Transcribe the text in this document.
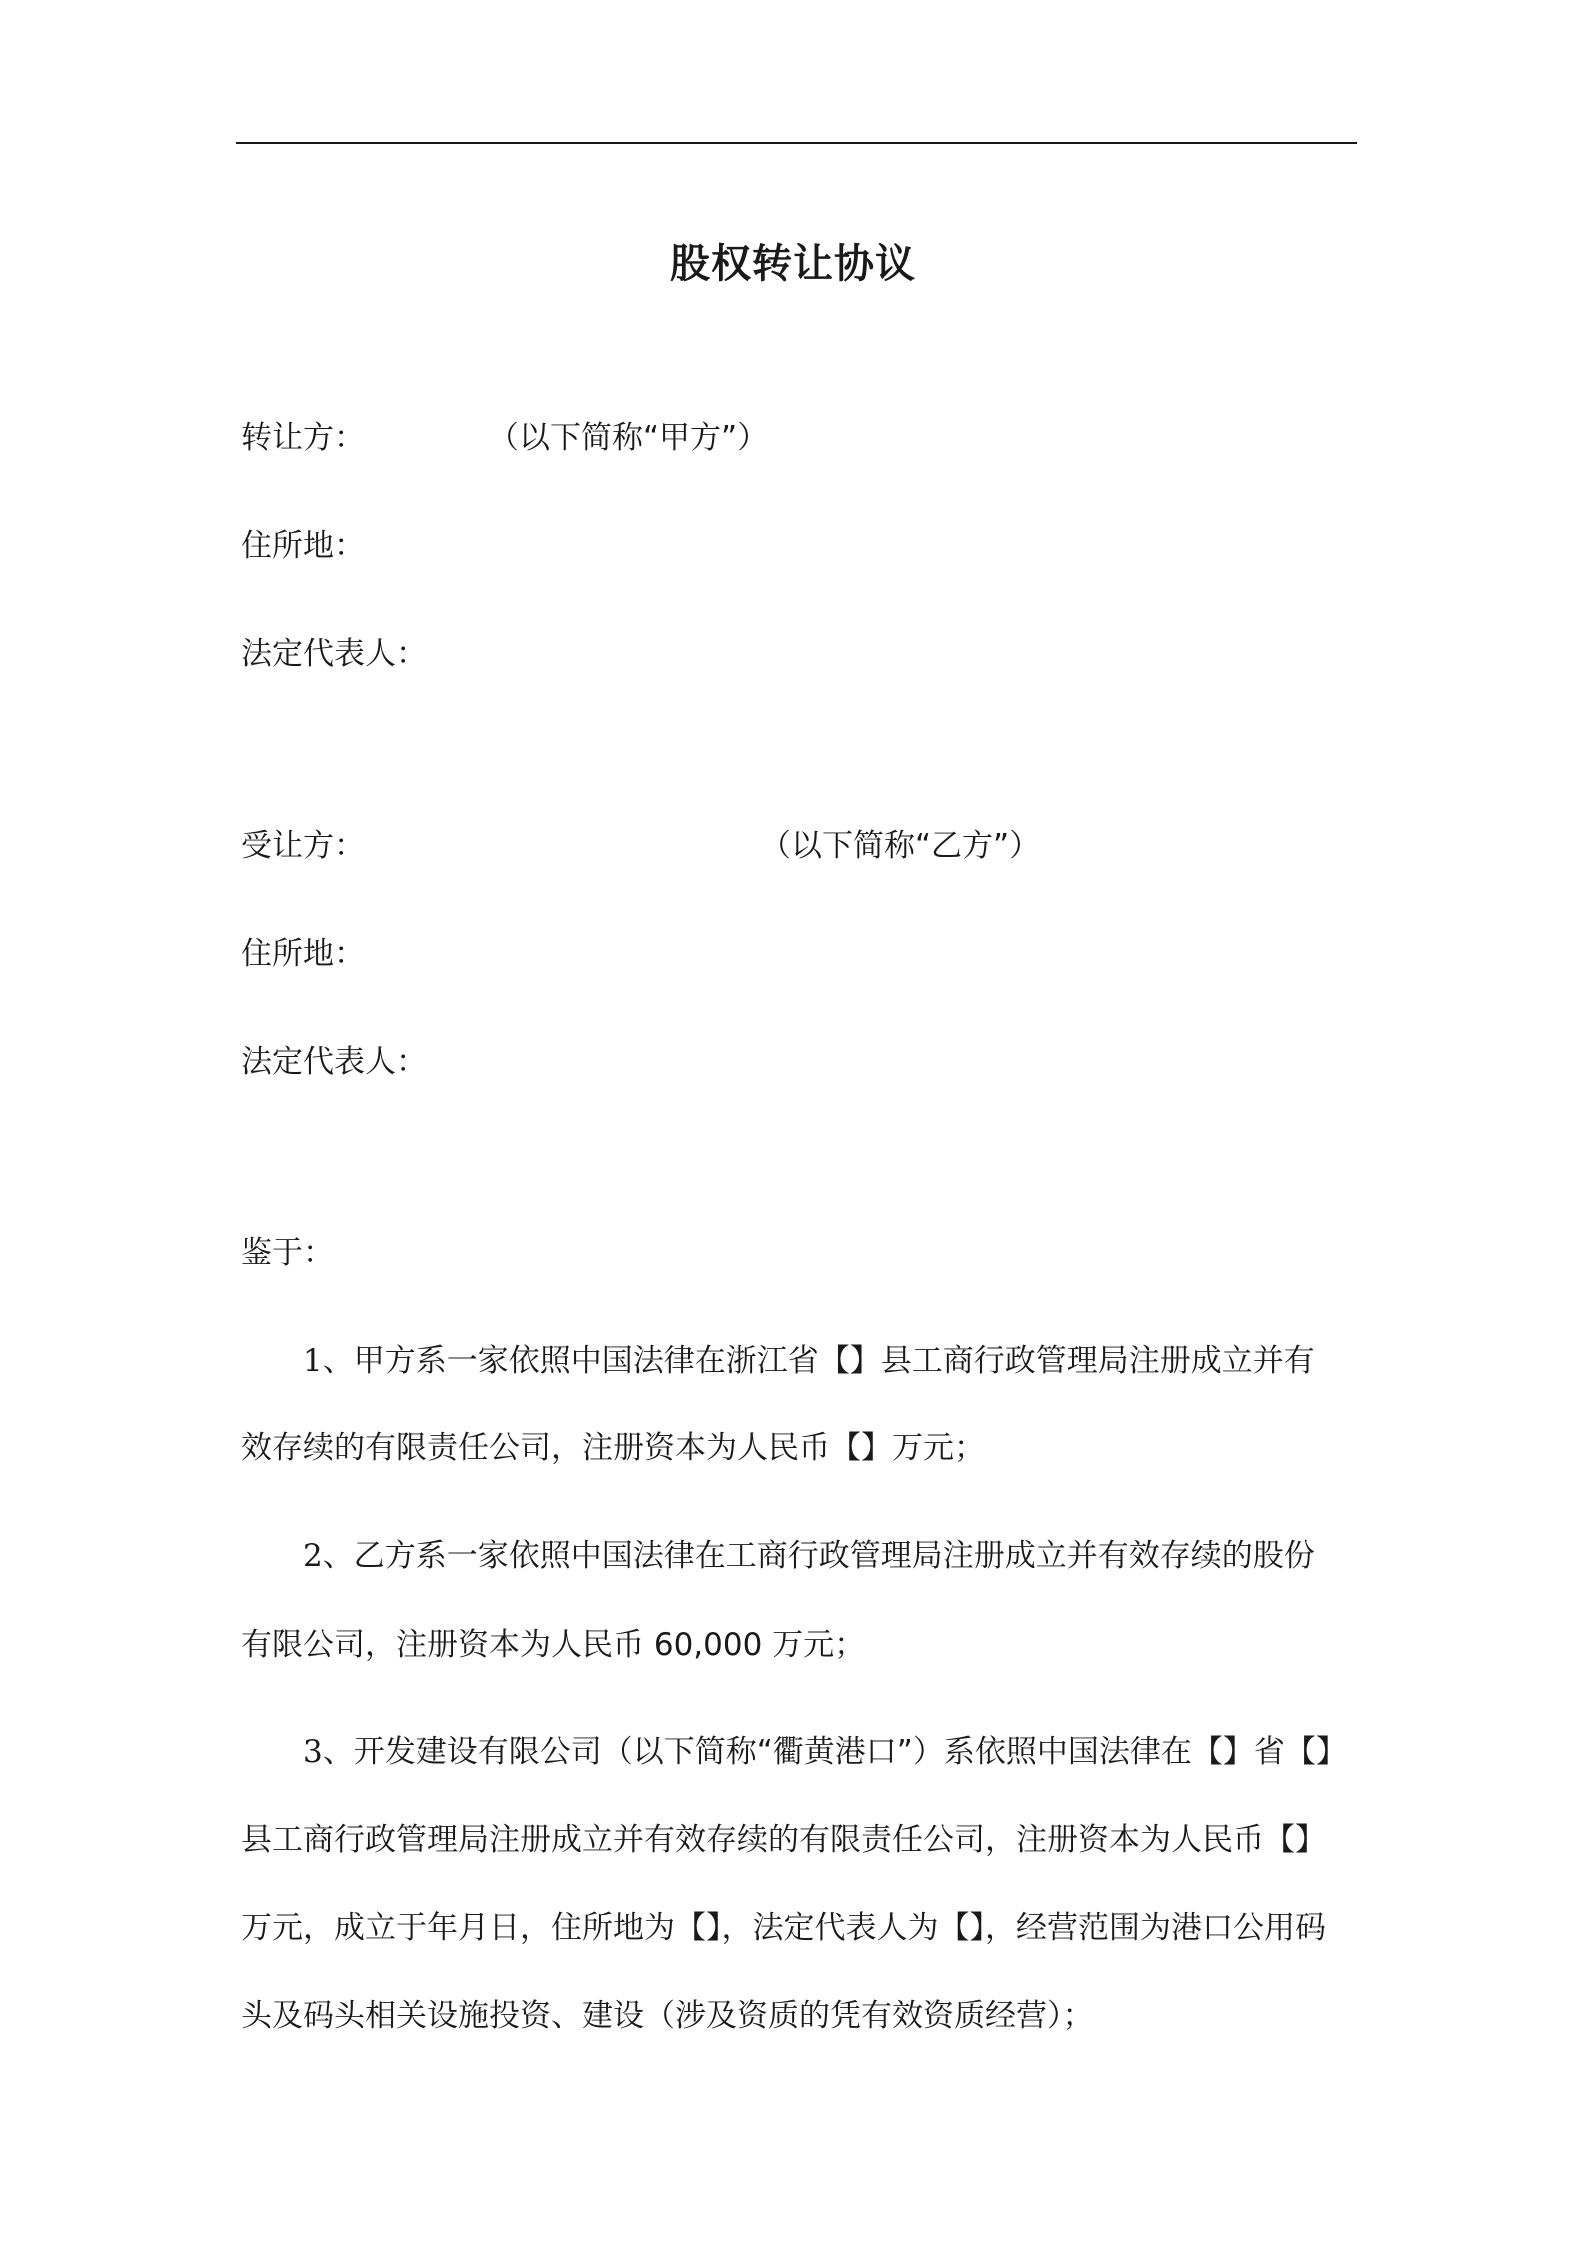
股权转让协议
转让方：	（以下简称“甲方”）
住所地：
法定代表人：
受让方：	（以下简称“乙方”）
住所地：
法定代表人：
鉴于：
1、甲方系一家依照中国法律在浙江省【】县工商行政管理局注册成立并有
效存续的有限责任公司，注册资本为人民币【】万元；
2、乙方系一家依照中国法律在工商行政管理局注册成立并有效存续的股份
有限公司，注册资本为人民币 60,000 万元；
3、开发建设有限公司（以下简称“衢黄港口”）系依照中国法律在【】省【】
县工商行政管理局注册成立并有效存续的有限责任公司，注册资本为人民币【】
万元，成立于年月日，住所地为【】，法定代表人为【】，经营范围为港口公用码
头及码头相关设施投资、建设（涉及资质的凭有效资质经营）；
